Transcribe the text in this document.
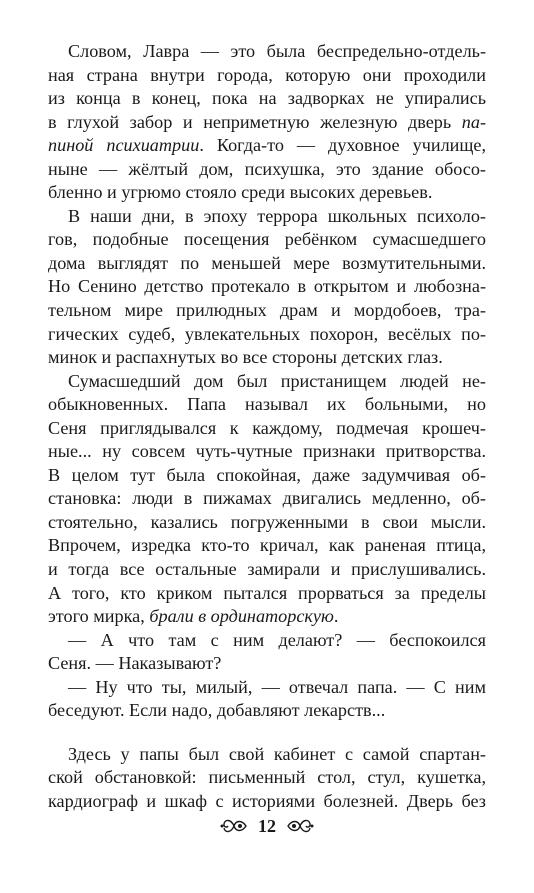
Словом, Лавра — это была беспредельно-отдель-
ная страна внутри города, которую они проходили
из конца в конец, пока на задворках не упирались
в глухой забор и неприметную железную дверь па-
пиной психиатрии. Когда-то — духовное училище,
ныне — жёлтый дом, психушка, это здание обосо-
бленно и угрюмо стояло среди высоких деревьев.
В наши дни, в эпоху террора школьных психоло-
гов, подобные посещения ребёнком сумасшедшего
дома выглядят по меньшей мере возмутительными.
Но Сенино детство протекало в открытом и любозна-
тельном мире прилюдных драм и мордобоев, тра-
гических судеб, увлекательных похорон, весёлых по-
минок и распахнутых во все стороны детских глаз.
Сумасшедший дом был пристанищем людей не-
обыкновенных. Папа называл их больными, но
Сеня приглядывался к каждому, подмечая крошеч-
ные... ну совсем чуть-чутные признаки притворства.
В целом тут была спокойная, даже задумчивая об-
становка: люди в пижамах двигались медленно, об-
стоятельно, казались погруженными в свои мысли.
Впрочем, изредка кто-то кричал, как раненая птица,
и тогда все остальные замирали и прислушивались.
А того, кто криком пытался прорваться за пределы
этого мирка, брали в ординаторскую.
— А что там с ним делают? — беспокоился
Сеня. — Наказывают?
— Ну что ты, милый, — отвечал папа. — С ним
беседуют. Если надо, добавляют лекарств...
Здесь у папы был свой кабинет с самой спартан-
ской обстановкой: письменный стол, стул, кушетка,
кардиограф и шкаф с историями болезней. Дверь без
12
